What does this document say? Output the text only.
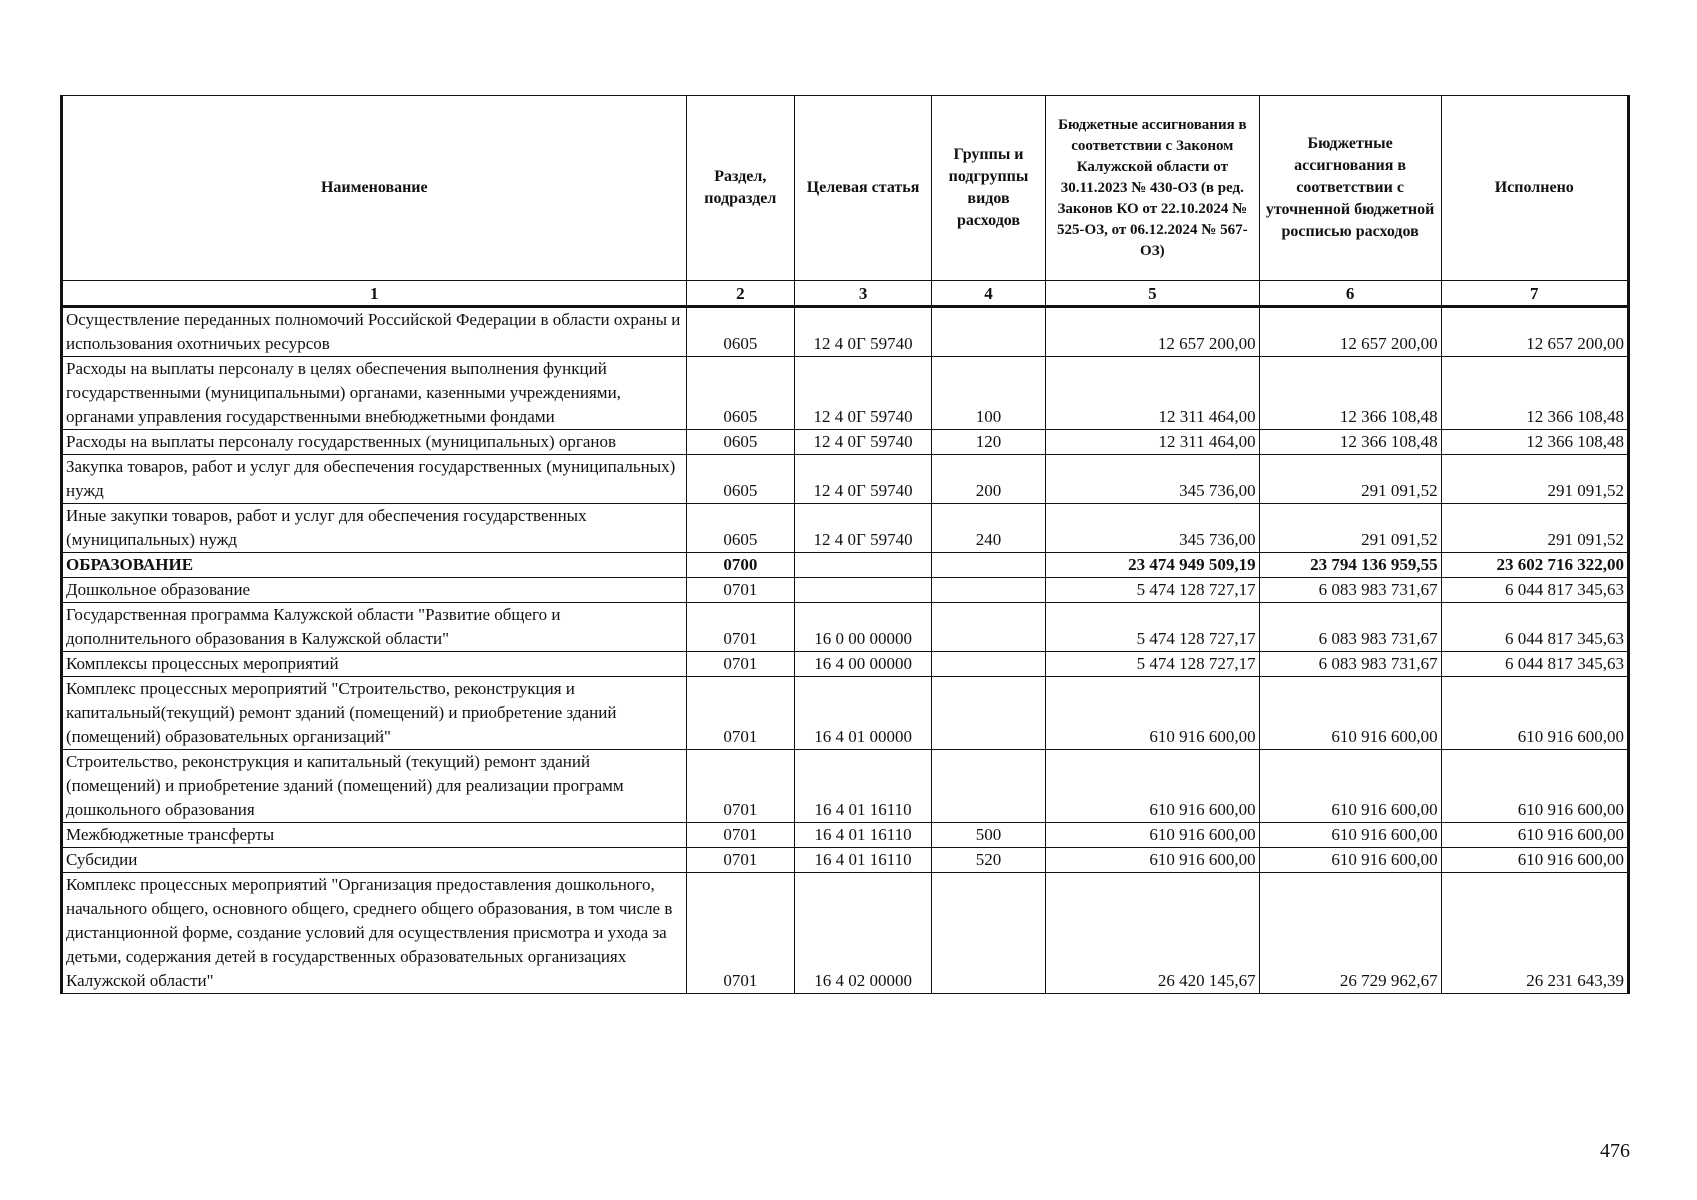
Наименование	Раздел, подраздел	Целевая статья	Группы и подгруппы видов расходов	Бюджетные ассигнования в соответствии с Законом Калужской области от 30.11.2023 № 430-ОЗ (в ред. Законов КО от 22.10.2024 № 525-ОЗ, от 06.12.2024 № 567-ОЗ)	Бюджетные ассигнования в соответствии с уточненной бюджетной росписью расходов	Исполнено
1	2	3	4	5	6	7
Осуществление переданных полномочий Российской Федерации в области охраны и использования охотничьих ресурсов	0605	12 4 0Г 59740		12 657 200,00	12 657 200,00	12 657 200,00
Расходы на выплаты персоналу в целях обеспечения выполнения функций государственными (муниципальными) органами, казенными учреждениями, органами управления государственными внебюджетными фондами	0605	12 4 0Г 59740	100	12 311 464,00	12 366 108,48	12 366 108,48
Расходы на выплаты персоналу государственных (муниципальных) органов	0605	12 4 0Г 59740	120	12 311 464,00	12 366 108,48	12 366 108,48
Закупка товаров, работ и услуг для обеспечения государственных (муниципальных) нужд	0605	12 4 0Г 59740	200	345 736,00	291 091,52	291 091,52
Иные закупки товаров, работ и услуг для обеспечения государственных (муниципальных) нужд	0605	12 4 0Г 59740	240	345 736,00	291 091,52	291 091,52
ОБРАЗОВАНИЕ	0700			23 474 949 509,19	23 794 136 959,55	23 602 716 322,00
Дошкольное образование	0701			5 474 128 727,17	6 083 983 731,67	6 044 817 345,63
Государственная программа Калужской области "Развитие общего и дополнительного образования в Калужской области"	0701	16 0 00 00000		5 474 128 727,17	6 083 983 731,67	6 044 817 345,63
Комплексы процессных мероприятий	0701	16 4 00 00000		5 474 128 727,17	6 083 983 731,67	6 044 817 345,63
Комплекс процессных мероприятий "Строительство, реконструкция и капитальный(текущий) ремонт зданий (помещений) и приобретение зданий (помещений) образовательных организаций"	0701	16 4 01 00000		610 916 600,00	610 916 600,00	610 916 600,00
Строительство, реконструкция и капитальный (текущий) ремонт зданий (помещений) и приобретение зданий (помещений) для реализации программ дошкольного образования	0701	16 4 01 16110		610 916 600,00	610 916 600,00	610 916 600,00
Межбюджетные трансферты	0701	16 4 01 16110	500	610 916 600,00	610 916 600,00	610 916 600,00
Субсидии	0701	16 4 01 16110	520	610 916 600,00	610 916 600,00	610 916 600,00
Комплекс процессных мероприятий "Организация предоставления дошкольного, начального общего, основного общего, среднего общего образования, в том числе в дистанционной форме, создание условий для осуществления присмотра и ухода за детьми, содержания детей в государственных образовательных организациях Калужской области"	0701	16 4 02 00000		26 420 145,67	26 729 962,67	26 231 643,39
476
